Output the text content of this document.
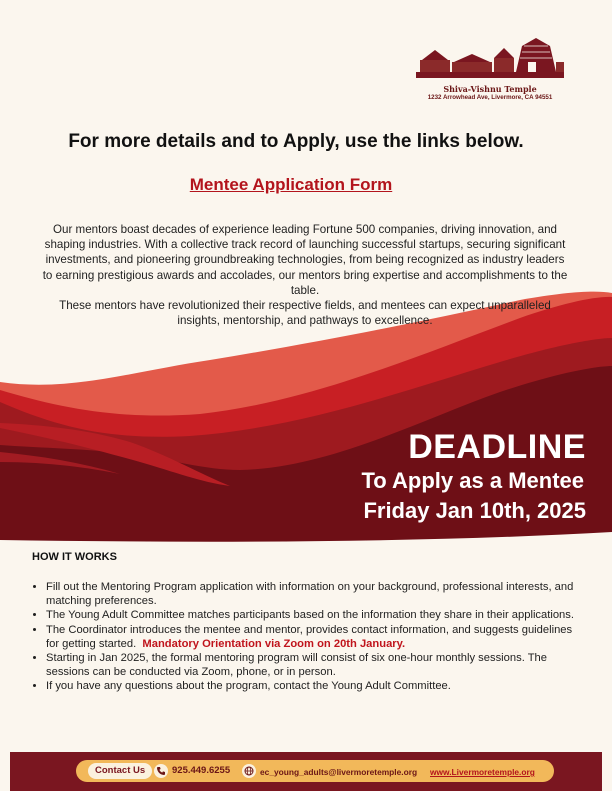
Shiva-Vishnu Temple
1232 Arrowhead Ave, Livermore, CA 94551
For more details and to Apply, use the links below.
Mentee Application Form

Our mentors boast decades of experience leading Fortune 500 companies, driving innovation, and shaping industries. With a collective track record of launching successful startups, securing significant investments, and pioneering groundbreaking technologies, from being recognized as industry leaders to earning prestigious awards and accolades, our mentors bring expertise and accomplishments to the table.

These mentors have revolutionized their respective fields, and mentees can expect unparalleled insights, mentorship, and pathways to excellence.

DEADLINE
To Apply as a Mentee
Friday Jan 10th, 2025
HOW IT WORKS
• Fill out the Mentoring Program application with information on your background, professional interests, and matching preferences.
• The Young Adult Committee matches participants based on the information they share in their applications.
• The Coordinator introduces the mentee and mentor, provides contact information, and suggests guidelines for getting started. Mandatory Orientation via Zoom on 20th January.
• Starting in Jan 2025, the formal mentoring program will consist of six one-hour monthly sessions. The sessions can be conducted via Zoom, phone, or in person.
• If you have any questions about the program, contact the Young Adult Committee.
Contact Us	925.449.6255	ec_young_adults@livermoretemple.org www.Livermoretemple.org
